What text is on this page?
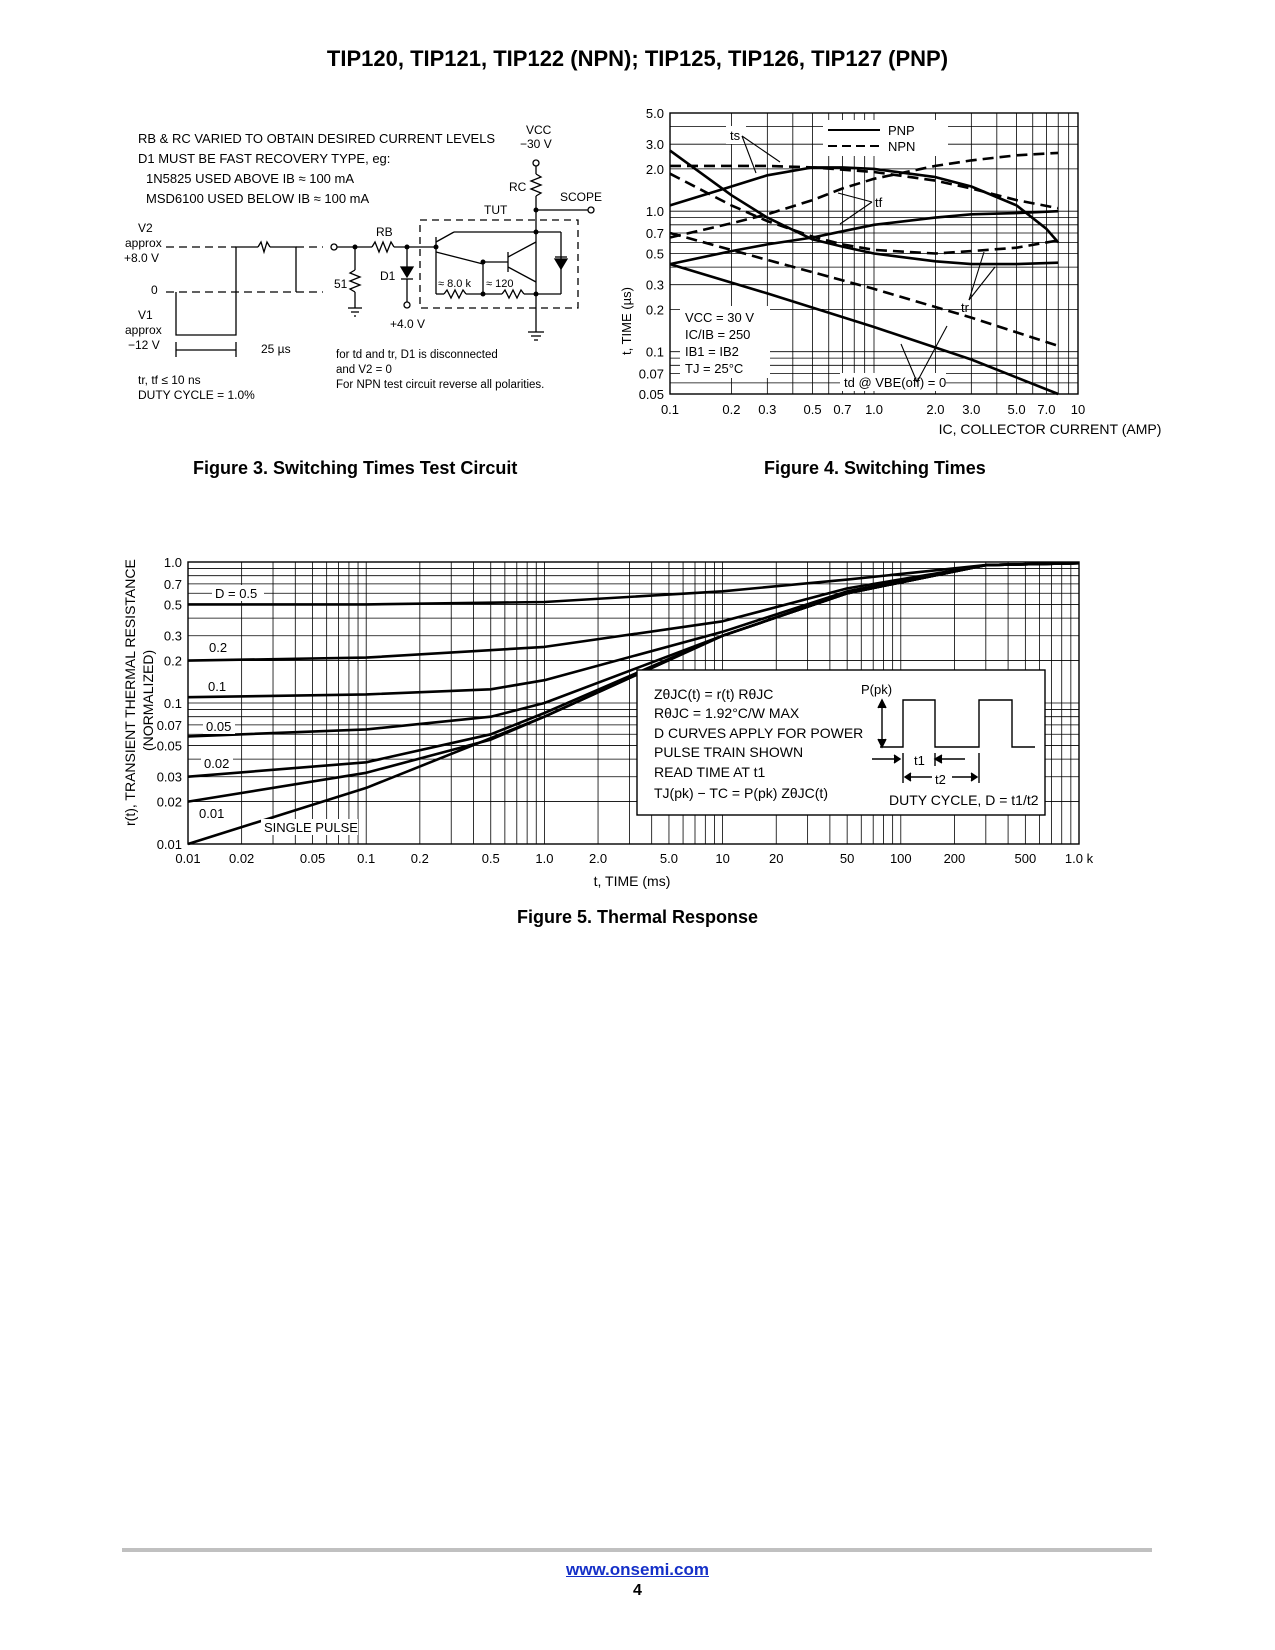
TIP120, TIP121, TIP122 (NPN); TIP125, TIP126, TIP127 (PNP)
RB & RC VARIED TO OBTAIN DESIRED CURRENT LEVELS
D1 MUST BE FAST RECOVERY TYPE, eg:
1N5825 USED ABOVE IB ≈ 100 mA
MSD6100 USED BELOW IB ≈ 100 mA
VCC
−30 V
RC
SCOPE
TUT
RB
D1
51
+4.0 V
≈ 8.0 k ≈ 120
V2
approx
+8.0 V
0
V1
approx
−12 V	25 µs
tr, tf ≤ 10 ns
DUTY CYCLE = 1.0%
for td and tr, D1 is disconnected
and V2 = 0
For NPN test circuit reverse all polarities.
Figure 3. Switching Times Test Circuit
0.1	0.2 0.3 0.5 0.7 1.0	2.0 3.0 5.0 7.0 10
5.0
3.0
2.0
1.0
0.7
0.5
0.3
0.2
0.1
0.07
0.05
IC, COLLECTOR CURRENT (AMP)
t, TIME (µs)
PNP
NPN
VCC = 30 V
IC/IB = 250
IB1 = IB2
TJ = 25°C
ts
tf
tr
td @ VBE(off) = 0
Figure 4. Switching Times
0.01 0.02	0.05 0.1	0.2	0.5	1.0	2.0	5.0	10	20	50	100 200	500 1.0 k
1.0
0.7
0.5
0.3
0.2
0.1
0.07
0.05
0.03
0.02
0.01
t, TIME (ms)
r(t), TRANSIENT THERMAL RESISTANCE (NORMALIZED)
D = 0.5
0.2
0.1
0.05
0.02
0.01
SINGLE PULSE
ZθJC(t) = r(t) RθJC
RθJC = 1.92°C/W MAX
D CURVES APPLY FOR POWER
PULSE TRAIN SHOWN
READ TIME AT t1
TJ(pk) − TC = P(pk) ZθJC(t)
P(pk)
t1
t2
DUTY CYCLE, D = t1/t2
Figure 5. Thermal Response
www.onsemi.com
4
